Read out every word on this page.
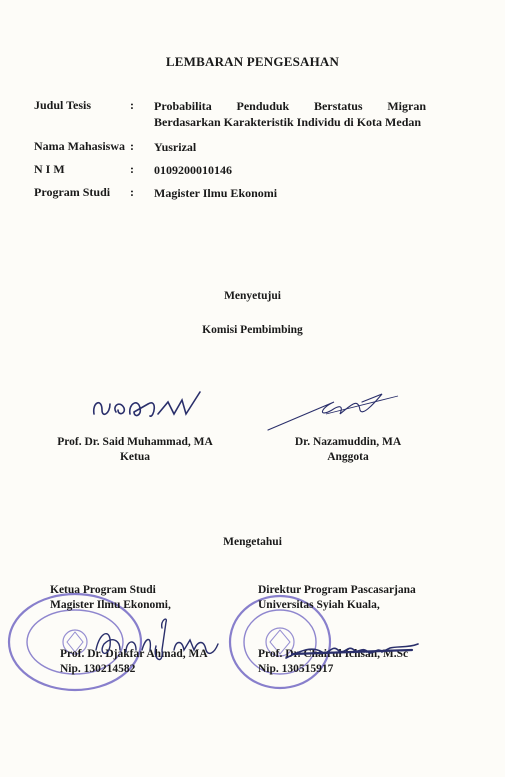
LEMBARAN PENGESAHAN
Judul Tesis	:	Probabilita Penduduk Berstatus Migran Berdasarkan Karakteristik Individu di Kota Medan
Nama Mahasiswa :	Yusrizal
N I M	:	0109200010146
Program Studi	:	Magister Ilmu Ekonomi
Menyetujui
Komisi Pembimbing
Prof. Dr. Said Muhammad, MA
Ketua
Dr. Nazamuddin, MA
Anggota
Mengetahui
Ketua Program Studi
Magister Ilmu Ekonomi,
Prof. Dr. Djakfar Ahmad, MA
Nip. 130214582
Direktur Program Pascasarjana
Universitas Syiah Kuala,
Prof. Dr. Chairul Ichsan, M.Sc
Nip. 130515917
